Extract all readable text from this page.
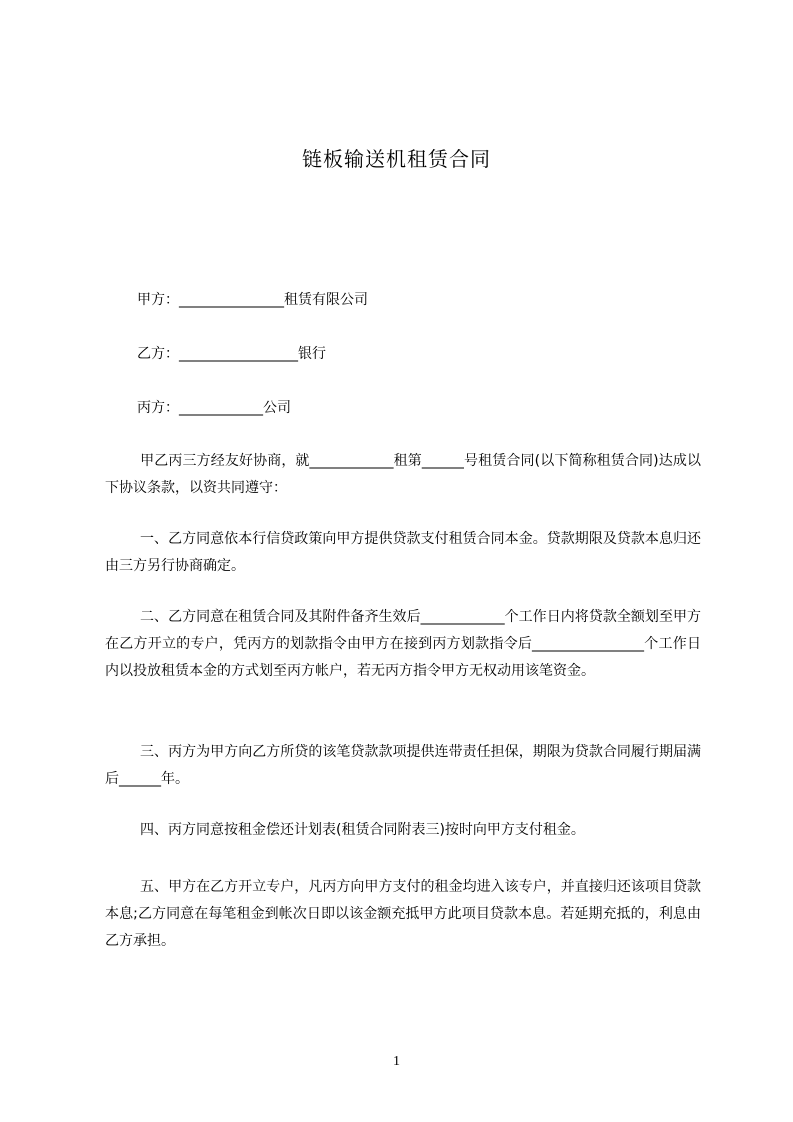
链板输送机租赁合同
甲方：_______________租赁有限公司
乙方：_________________银行
丙方：____________公司
甲乙丙三方经友好协商，就____________租第______号租赁合同(以下简称租赁合同)达成以下协议条款，以资共同遵守：
一、乙方同意依本行信贷政策向甲方提供贷款支付租赁合同本金。贷款期限及贷款本息归还由三方另行协商确定。
二、乙方同意在租赁合同及其附件备齐生效后____________个工作日内将贷款全额划至甲方在乙方开立的专户，凭丙方的划款指令由甲方在接到丙方划款指令后________________个工作日内以投放租赁本金的方式划至丙方帐户，若无丙方指令甲方无权动用该笔资金。
三、丙方为甲方向乙方所贷的该笔贷款款项提供连带责任担保，期限为贷款合同履行期届满后______年。
四、丙方同意按租金偿还计划表(租赁合同附表三)按时向甲方支付租金。
五、甲方在乙方开立专户，凡丙方向甲方支付的租金均进入该专户，并直接归还该项目贷款本息;乙方同意在每笔租金到帐次日即以该金额充抵甲方此项目贷款本息。若延期充抵的，利息由乙方承担。
1
